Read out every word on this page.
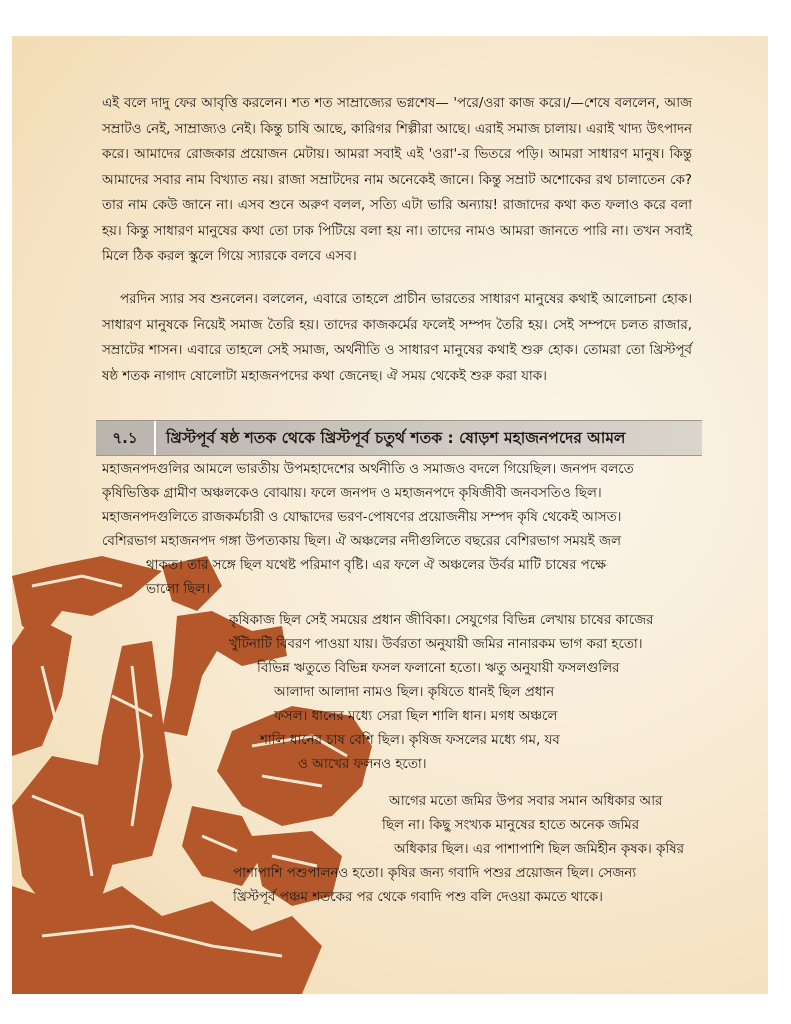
এই বলে দাদু ফের আবৃত্তি করলেন। শত শত সাম্রাজ্যের ভগ্নশেষ— 'পরে/ওরা কাজ করে।/—শেষে বললেন, আজ সম্রাটও নেই, সাম্রাজ্যও নেই। কিন্তু চাষি আছে, কারিগর শিল্পীরা আছে। এরাই সমাজ চালায়। এরাই খাদ্য উৎপাদন করে। আমাদের রোজকার প্রয়োজন মেটায়। আমরা সবাই এই 'ওরা'-র ভিতরে পড়ি। আমরা সাধারণ মানুষ। কিন্তু আমাদের সবার নাম বিখ্যাত নয়। রাজা সম্রাটদের নাম অনেকেই জানে। কিন্তু সম্রাট অশোকের রথ চালাতেন কে? তার নাম কেউ জানে না। এসব শুনে অরুণ বলল, সত্যি এটা ভারি অন্যায়! রাজাদের কথা কত ফলাও করে বলা হয়। কিন্তু সাধারণ মানুষের কথা তো ঢাক পিটিয়ে বলা হয় না। তাদের নামও আমরা জানতে পারি না। তখন সবাই মিলে ঠিক করল স্কুলে গিয়ে স্যারকে বলবে এসব।

পরদিন স্যার সব শুনলেন। বললেন, এবারে তাহলে প্রাচীন ভারতের সাধারণ মানুষের কথাই আলোচনা হোক। সাধারণ মানুষকে নিয়েই সমাজ তৈরি হয়। তাদের কাজকর্মের ফলেই সম্পদ তৈরি হয়। সেই সম্পদে চলত রাজার, সম্রাটের শাসন। এবারে তাহলে সেই সমাজ, অর্থনীতি ও সাধারণ মানুষের কথাই শুরু হোক। তোমরা তো খ্রিস্টপূর্ব ষষ্ঠ শতক নাগাদ ষোলোটা মহাজনপদের কথা জেনেছ। ঐ সময় থেকেই শুরু করা যাক।

৭.১	খ্রিস্টপূর্ব ষষ্ঠ শতক থেকে খ্রিস্টপূর্ব চতুর্থ শতক : ষোড়শ মহাজনপদের আমল
মহাজনপদগুলির আমলে ভারতীয় উপমহাদেশের অর্থনীতি ও সমাজও বদলে গিয়েছিল। জনপদ বলতে
কৃষিভিত্তিক গ্রামীণ অঞ্চলকেও বোঝায়। ফলে জনপদ ও মহাজনপদে কৃষিজীবী জনবসতিও ছিল।
মহাজনপদগুলিতে রাজকর্মচারী ও যোদ্ধাদের ভরণ-পোষণের প্রয়োজনীয় সম্পদ কৃষি থেকেই আসত।
বেশিরভাগ মহাজনপদ গঙ্গা উপত্যকায় ছিল। ঐ অঞ্চলের নদীগুলিতে বছরের বেশিরভাগ সময়ই জল
থাকত। তার সঙ্গে ছিল যথেষ্ট পরিমাণ বৃষ্টি। এর ফলে ঐ অঞ্চলের উর্বর মাটি চাষের পক্ষে
ভালো ছিল।
কৃষিকাজ ছিল সেই সময়ের প্রধান জীবিকা। সেযুগের বিভিন্ন লেখায় চাষের কাজের
খুঁটিনাটি বিবরণ পাওয়া যায়। উর্বরতা অনুযায়ী জমির নানারকম ভাগ করা হতো।
বিভিন্ন ঋতুতে বিভিন্ন ফসল ফলানো হতো। ঋতু অনুযায়ী ফসলগুলির
আলাদা আলাদা নামও ছিল। কৃষিতে ধানই ছিল প্রধান
ফসল। ধানের মধ্যে সেরা ছিল শালি ধান। মগধ অঞ্চলে
শালি ধানের চাষ বেশি ছিল। কৃষিজ ফসলের মধ্যে গম, যব
ও আখের ফলনও হতো।
আগের মতো জমির উপর সবার সমান অধিকার আর
ছিল না। কিছু সংখ্যক মানুষের হাতে অনেক জমির
অধিকার ছিল। এর পাশাপাশি ছিল জমিহীন কৃষক। কৃষির
পাশাপাশি পশুপালনও হতো। কৃষির জন্য গবাদি পশুর প্রয়োজন ছিল। সেজন্য
খ্রিস্টপূর্ব পঞ্চম শতকের পর থেকে গবাদি পশু বলি দেওয়া কমতে থাকে।
